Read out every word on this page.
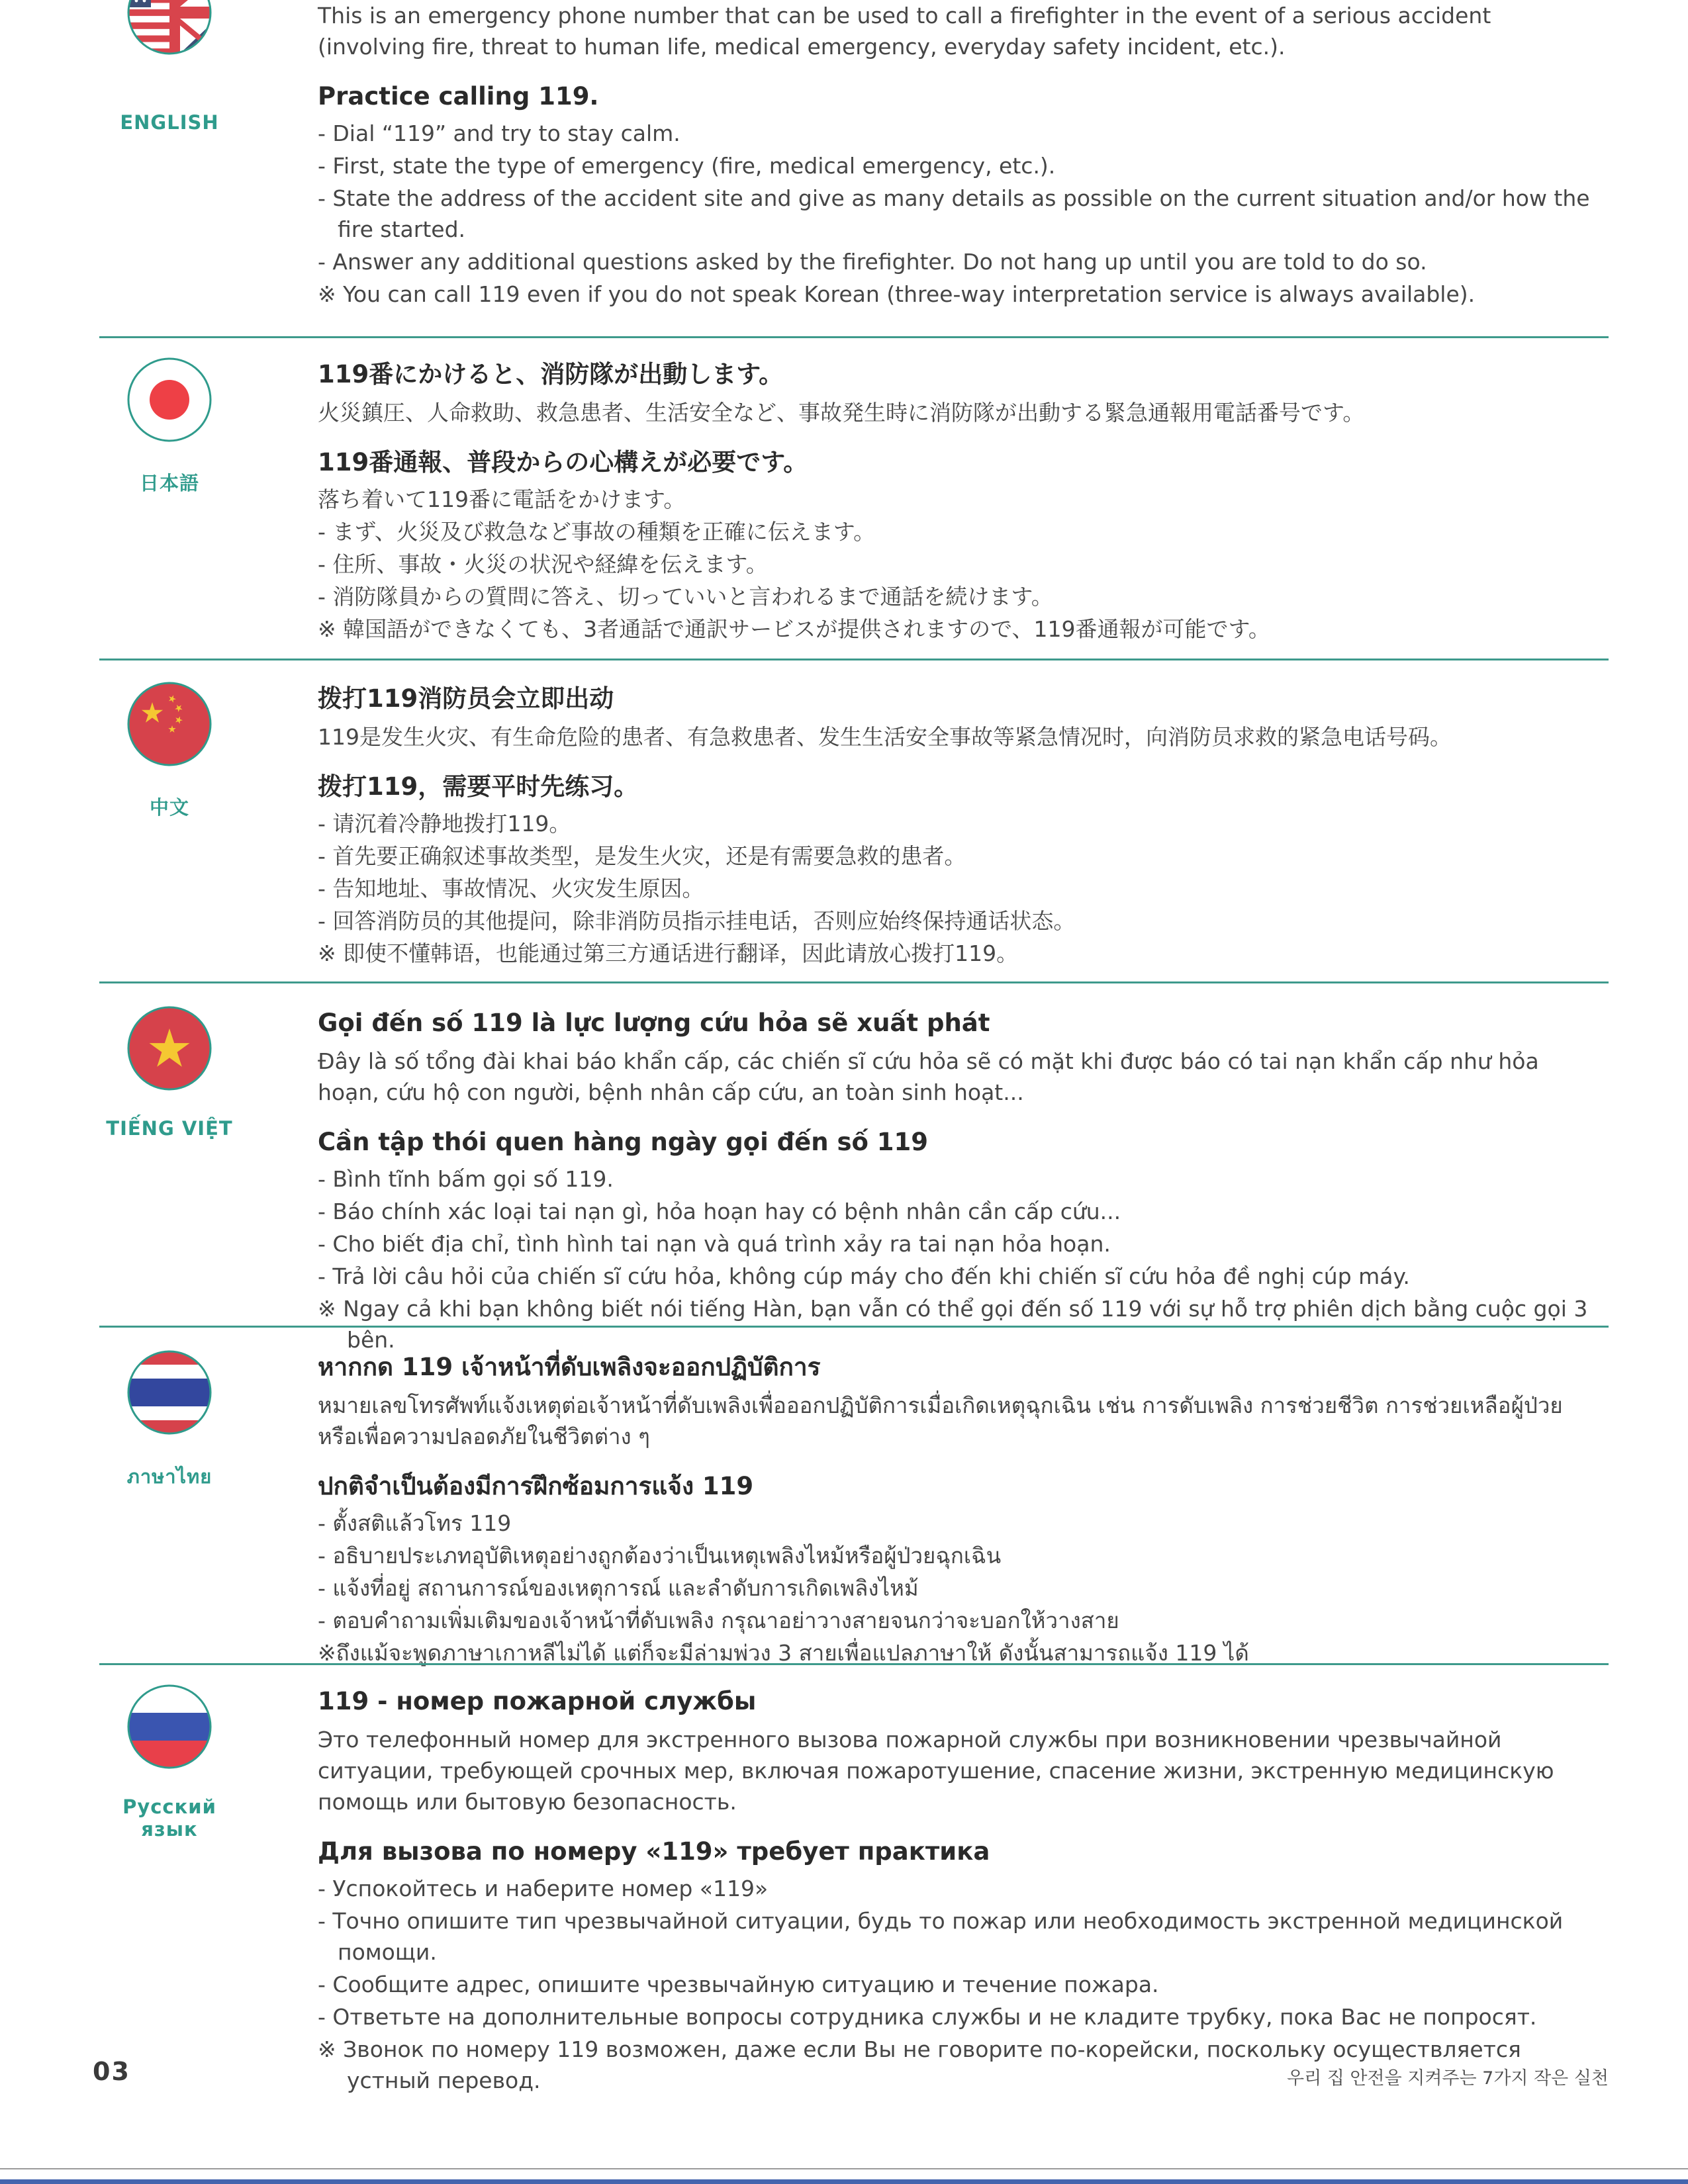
ENGLISH

This is an emergency phone number that can be used to call a firefighter in the event of a serious accident (involving fire, threat to human life, medical emergency, everyday safety incident, etc.).

Practice calling 119.
- Dial “119” and try to stay calm.
- First, state the type of emergency (fire, medical emergency, etc.).
- State the address of the accident site and give as many details as possible on the current situation and/or how the fire started.
- Answer any additional questions asked by the firefighter. Do not hang up until you are told to do so.
※ You can call 119 even if you do not speak Korean (three-way interpretation service is always available).
日本語
119番にかけると、消防隊が出動します。

火災鎮圧、人命救助、救急患者、生活安全など、事故発生時に消防隊が出動する緊急通報用電話番号です。

119番通報、普段からの心構えが必要です。
落ち着いて119番に電話をかけます。
- まず、火災及び救急など事故の種類を正確に伝えます。
- 住所、事故・火災の状況や経緯を伝えます。
- 消防隊員からの質問に答え、切っていいと言われるまで通話を続けます。
※ 韓国語ができなくても、3者通話で通訳サービスが提供されますので、119番通報が可能です。
中文
拨打119消防员会立即出动

119是发生火灾、有生命危险的患者、有急救患者、发生生活安全事故等紧急情况时，向消防员求救的紧急电话号码。

拨打119，需要平时先练习。
- 请沉着冷静地拨打119。
- 首先要正确叙述事故类型，是发生火灾，还是有需要急救的患者。
- 告知地址、事故情况、火灾发生原因。
- 回答消防员的其他提问，除非消防员指示挂电话，否则应始终保持通话状态。
※ 即使不懂韩语，也能通过第三方通话进行翻译，因此请放心拨打119。
TIẾNG VIỆT
Gọi đến số 119 là lực lượng cứu hỏa sẽ xuất phát

Đây là số tổng đài khai báo khẩn cấp, các chiến sĩ cứu hỏa sẽ có mặt khi được báo có tai nạn khẩn cấp như hỏa hoạn, cứu hộ con người, bệnh nhân cấp cứu, an toàn sinh hoạt...

Cần tập thói quen hàng ngày gọi đến số 119
- Bình tĩnh bấm gọi số 119.
- Báo chính xác loại tai nạn gì, hỏa hoạn hay có bệnh nhân cần cấp cứu...
- Cho biết địa chỉ, tình hình tai nạn và quá trình xảy ra tai nạn hỏa hoạn.
- Trả lời câu hỏi của chiến sĩ cứu hỏa, không cúp máy cho đến khi chiến sĩ cứu hỏa đề nghị cúp máy.
※ Ngay cả khi bạn không biết nói tiếng Hàn, bạn vẫn có thể gọi đến số 119 với sự hỗ trợ phiên dịch bằng cuộc gọi 3 bên.
ภาษาไทย
หากกด 119 เจ้าหน้าที่ดับเพลิงจะออกปฏิบัติการ

หมายเลขโทรศัพท์แจ้งเหตุต่อเจ้าหน้าที่ดับเพลิงเพื่อออกปฏิบัติการเมื่อเกิดเหตุฉุกเฉิน เช่น การดับเพลิง การช่วยชีวิต การช่วยเหลือผู้ป่วย หรือเพื่อความปลอดภัยในชีวิตต่าง ๆ

ปกติจำเป็นต้องมีการฝึกซ้อมการแจ้ง 119
- ตั้งสติแล้วโทร 119
- อธิบายประเภทอุบัติเหตุอย่างถูกต้องว่าเป็นเหตุเพลิงไหม้หรือผู้ป่วยฉุกเฉิน
- แจ้งที่อยู่ สถานการณ์ของเหตุการณ์ และลำดับการเกิดเพลิงไหม้
- ตอบคำถามเพิ่มเติมของเจ้าหน้าที่ดับเพลิง กรุณาอย่าวางสายจนกว่าจะบอกให้วางสาย
※ถึงแม้จะพูดภาษาเกาหลีไม่ได้ แต่ก็จะมีล่ามพ่วง 3 สายเพื่อแปลภาษาให้ ดังนั้นสามารถแจ้ง 119 ได้
Русский язык
119 - номер пожарной службы

Это телефонный номер для экстренного вызова пожарной службы при возникновении чрезвычайной ситуации, требующей срочных мер, включая пожаротушение, спасение жизни, экстренную медицинскую помощь или бытовую безопасность.

Для вызова по номеру «119» требует практика
- Успокойтесь и наберите номер «119»
- Точно опишите тип чрезвычайной ситуации, будь то пожар или необходимость экстренной медицинской помощи.
- Сообщите адрес, опишите чрезвычайную ситуацию и течение пожара.
- Ответьте на дополнительные вопросы сотрудника службы и не кладите трубку, пока Вас не попросят.
※ Звонок по номеру 119 возможен, даже если Вы не говорите по-корейски, поскольку осуществляется устный перевод.
03	우리 집 안전을 지켜주는 7가지 작은 실천
